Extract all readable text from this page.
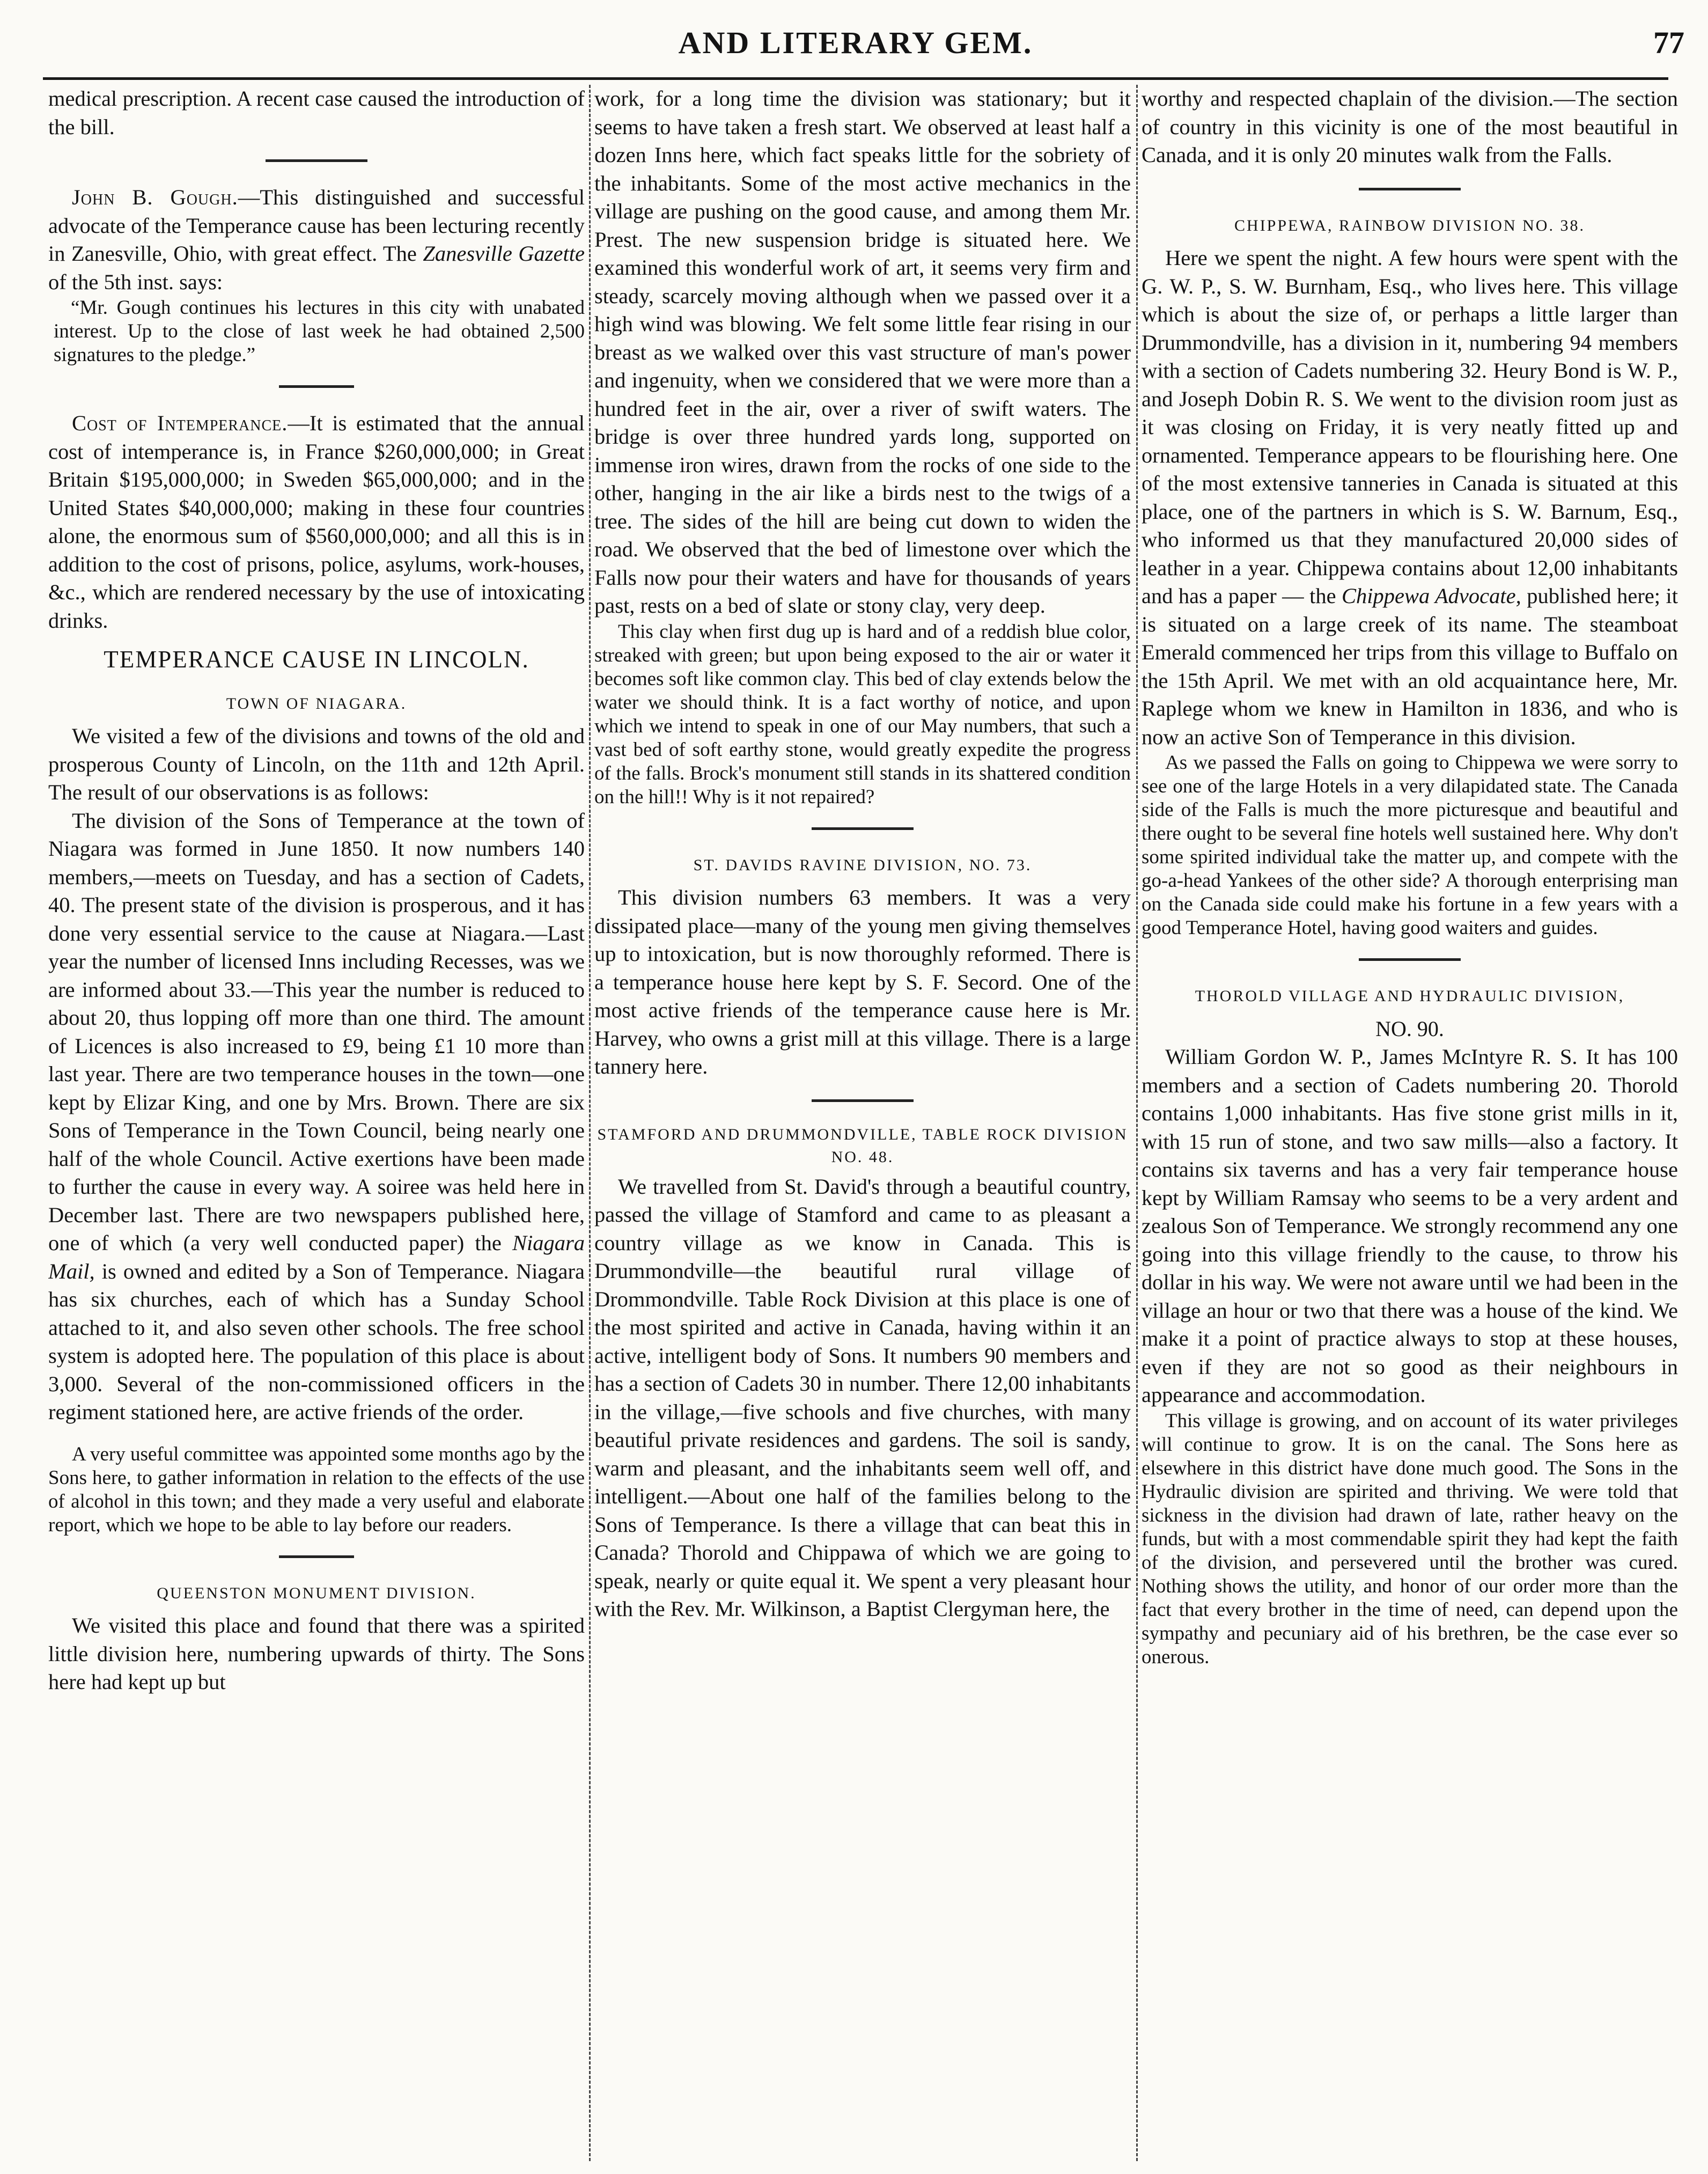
AND LITERARY GEM.	77

medical prescription. A recent case caused the introduction of the bill.

John B. Gough.—This distinguished and successful advocate of the Temperance cause has been lecturing recently in Zanesville, Ohio, with great effect. The Zanesville Gazette of the 5th inst. says:

“Mr. Gough continues his lectures in this city with unabated interest. Up to the close of last week he had obtained 2,500 signatures to the pledge.”

Cost of Intemperance.—It is estimated that the annual cost of intemperance is, in France $260,000,000; in Great Britain $195,000,000; in Sweden $65,000,000; and in the United States $40,000,000; making in these four countries alone, the enormous sum of $560,000,000; and all this is in addition to the cost of prisons, police, asylums, work-houses, &c., which are rendered necessary by the use of intoxicating drinks.

TEMPERANCE CAUSE IN LINCOLN.

TOWN OF NIAGARA.

We visited a few of the divisions and towns of the old and prosperous County of Lincoln, on the 11th and 12th April. The result of our observations is as follows:

The division of the Sons of Temperance at the town of Niagara was formed in June 1850. It now numbers 140 members,—meets on Tuesday, and has a section of Cadets, 40. The present state of the division is prosperous, and it has done very essential service to the cause at Niagara.—Last year the number of licensed Inns including Recesses, was we are informed about 33.—This year the number is reduced to about 20, thus lopping off more than one third. The amount of Licences is also increased to £9, being £1 10 more than last year. There are two temperance houses in the town—one kept by Elizar King, and one by Mrs. Brown. There are six Sons of Temperance in the Town Council, being nearly one half of the whole Council. Active exertions have been made to further the cause in every way. A soiree was held here in December last. There are two newspapers published here, one of which (a very well conducted paper) the Niagara Mail, is owned and edited by a Son of Temperance. Niagara has six churches, each of which has a Sunday School attached to it, and also seven other schools. The free school system is adopted here. The population of this place is about 3,000. Several of the non-commissioned officers in the regiment stationed here, are active friends of the order.

A very useful committee was appointed some months ago by the Sons here, to gather information in relation to the effects of the use of alcohol in this town; and they made a very useful and elaborate report, which we hope to be able to lay before our readers.

QUEENSTON MONUMENT DIVISION.

We visited this place and found that there was a spirited little division here, numbering upwards of thirty. The Sons here had kept up but

work, for a long time the division was stationary; but it seems to have taken a fresh start. We observed at least half a dozen Inns here, which fact speaks little for the sobriety of the inhabitants. Some of the most active mechanics in the village are pushing on the good cause, and among them Mr. Prest. The new suspension bridge is situated here. We examined this wonderful work of art, it seems very firm and steady, scarcely moving although when we passed over it a high wind was blowing. We felt some little fear rising in our breast as we walked over this vast structure of man's power and ingenuity, when we considered that we were more than a hundred feet in the air, over a river of swift waters. The bridge is over three hundred yards long, supported on immense iron wires, drawn from the rocks of one side to the other, hanging in the air like a birds nest to the twigs of a tree. The sides of the hill are being cut down to widen the road. We observed that the bed of limestone over which the Falls now pour their waters and have for thousands of years past, rests on a bed of slate or stony clay, very deep.

This clay when first dug up is hard and of a reddish blue color, streaked with green; but upon being exposed to the air or water it becomes soft like common clay. This bed of clay extends below the water we should think. It is a fact worthy of notice, and upon which we intend to speak in one of our May numbers, that such a vast bed of soft earthy stone, would greatly expedite the progress of the falls. Brock's monument still stands in its shattered condition on the hill!! Why is it not repaired?

ST. DAVIDS RAVINE DIVISION, NO. 73.

This division numbers 63 members. It was a very dissipated place—many of the young men giving themselves up to intoxication, but is now thoroughly reformed. There is a temperance house here kept by S. F. Secord. One of the most active friends of the temperance cause here is Mr. Harvey, who owns a grist mill at this village. There is a large tannery here.

STAMFORD AND DRUMMONDVILLE, TABLE ROCK DIVISION NO. 48.

We travelled from St. David's through a beautiful country, passed the village of Stamford and came to as pleasant a country village as we know in Canada. This is Drummondville—the beautiful rural village of Drommondville. Table Rock Division at this place is one of the most spirited and active in Canada, having within it an active, intelligent body of Sons. It numbers 90 members and has a section of Cadets 30 in number. There 12,00 inhabitants in the village,—five schools and five churches, with many beautiful private residences and gardens. The soil is sandy, warm and pleasant, and the inhabitants seem well off, and intelligent.—About one half of the families belong to the Sons of Temperance. Is there a village that can beat this in Canada? Thorold and Chippawa of which we are going to speak, nearly or quite equal it. We spent a very pleasant hour with the Rev. Mr. Wilkinson, a Baptist Clergyman here, the

worthy and respected chaplain of the division.—The section of country in this vicinity is one of the most beautiful in Canada, and it is only 20 minutes walk from the Falls.

CHIPPEWA, RAINBOW DIVISION NO. 38.

Here we spent the night. A few hours were spent with the G. W. P., S. W. Burnham, Esq., who lives here. This village which is about the size of, or perhaps a little larger than Drummondville, has a division in it, numbering 94 members with a section of Cadets numbering 32. Heury Bond is W. P., and Joseph Dobin R. S. We went to the division room just as it was closing on Friday, it is very neatly fitted up and ornamented. Temperance appears to be flourishing here. One of the most extensive tanneries in Canada is situated at this place, one of the partners in which is S. W. Barnum, Esq., who informed us that they manufactured 20,000 sides of leather in a year. Chippewa contains about 12,00 inhabitants and has a paper — the Chippewa Advocate, published here; it is situated on a large creek of its name. The steamboat Emerald commenced her trips from this village to Buffalo on the 15th April. We met with an old acquaintance here, Mr. Raplege whom we knew in Hamilton in 1836, and who is now an active Son of Temperance in this division.

As we passed the Falls on going to Chippewa we were sorry to see one of the large Hotels in a very dilapidated state. The Canada side of the Falls is much the more picturesque and beautiful and there ought to be several fine hotels well sustained here. Why don't some spirited individual take the matter up, and compete with the go-a-head Yankees of the other side? A thorough enterprising man on the Canada side could make his fortune in a few years with a good Temperance Hotel, having good waiters and guides.

THOROLD VILLAGE AND HYDRAULIC DIVISION,

NO. 90.

William Gordon W. P., James McIntyre R. S. It has 100 members and a section of Cadets numbering 20. Thorold contains 1,000 inhabitants. Has five stone grist mills in it, with 15 run of stone, and two saw mills—also a factory. It contains six taverns and has a very fair temperance house kept by William Ramsay who seems to be a very ardent and zealous Son of Temperance. We strongly recommend any one going into this village friendly to the cause, to throw his dollar in his way. We were not aware until we had been in the village an hour or two that there was a house of the kind. We make it a point of practice always to stop at these houses, even if they are not so good as their neighbours in appearance and accommodation.

This village is growing, and on account of its water privileges will continue to grow. It is on the canal. The Sons here as elsewhere in this district have done much good. The Sons in the Hydraulic division are spirited and thriving. We were told that sickness in the division had drawn of late, rather heavy on the funds, but with a most commendable spirit they had kept the faith of the division, and persevered until the brother was cured. Nothing shows the utility, and honor of our order more than the fact that every brother in the time of need, can depend upon the sympathy and pecuniary aid of his brethren, be the case ever so onerous.
